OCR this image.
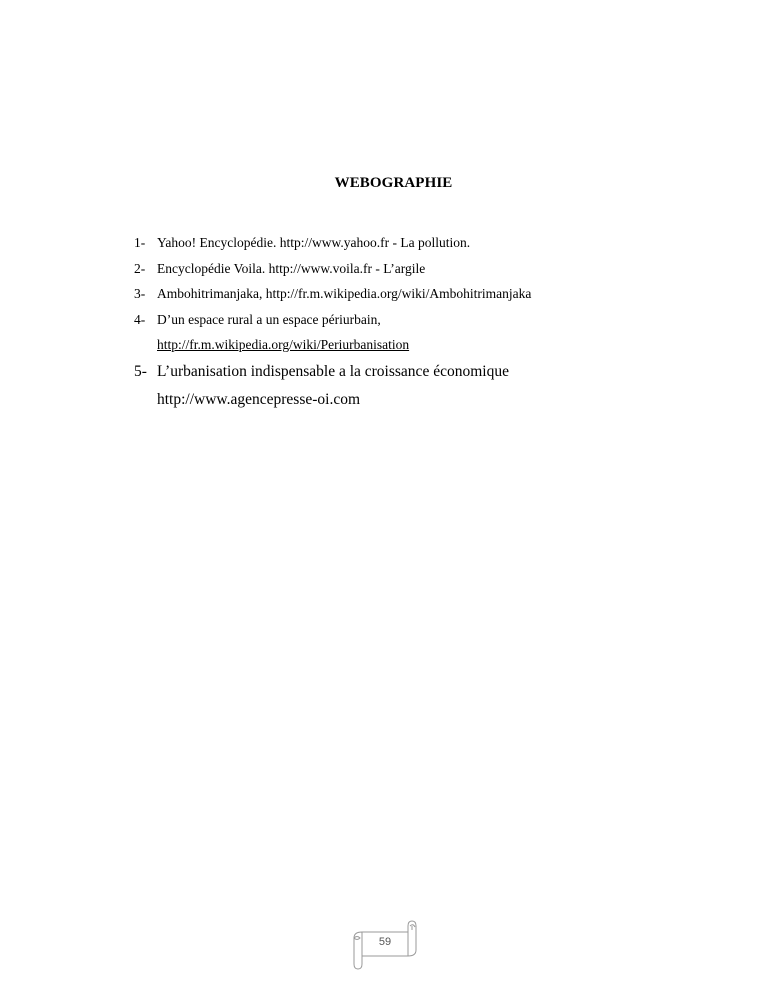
WEBOGRAPHIE
1- Yahoo! Encyclopédie. http://www.yahoo.fr - La pollution.
2- Encyclopédie Voila. http://www.voila.fr - L’argile
3- Ambohitrimanjaka, http://fr.m.wikipedia.org/wiki/Ambohitrimanjaka
4- D’un espace rural a un espace périurbain,
http://fr.m.wikipedia.org/wiki/Periurbanisation
5- L’urbanisation indispensable a la croissance économique
http://www.agencepresse-oi.com
59
